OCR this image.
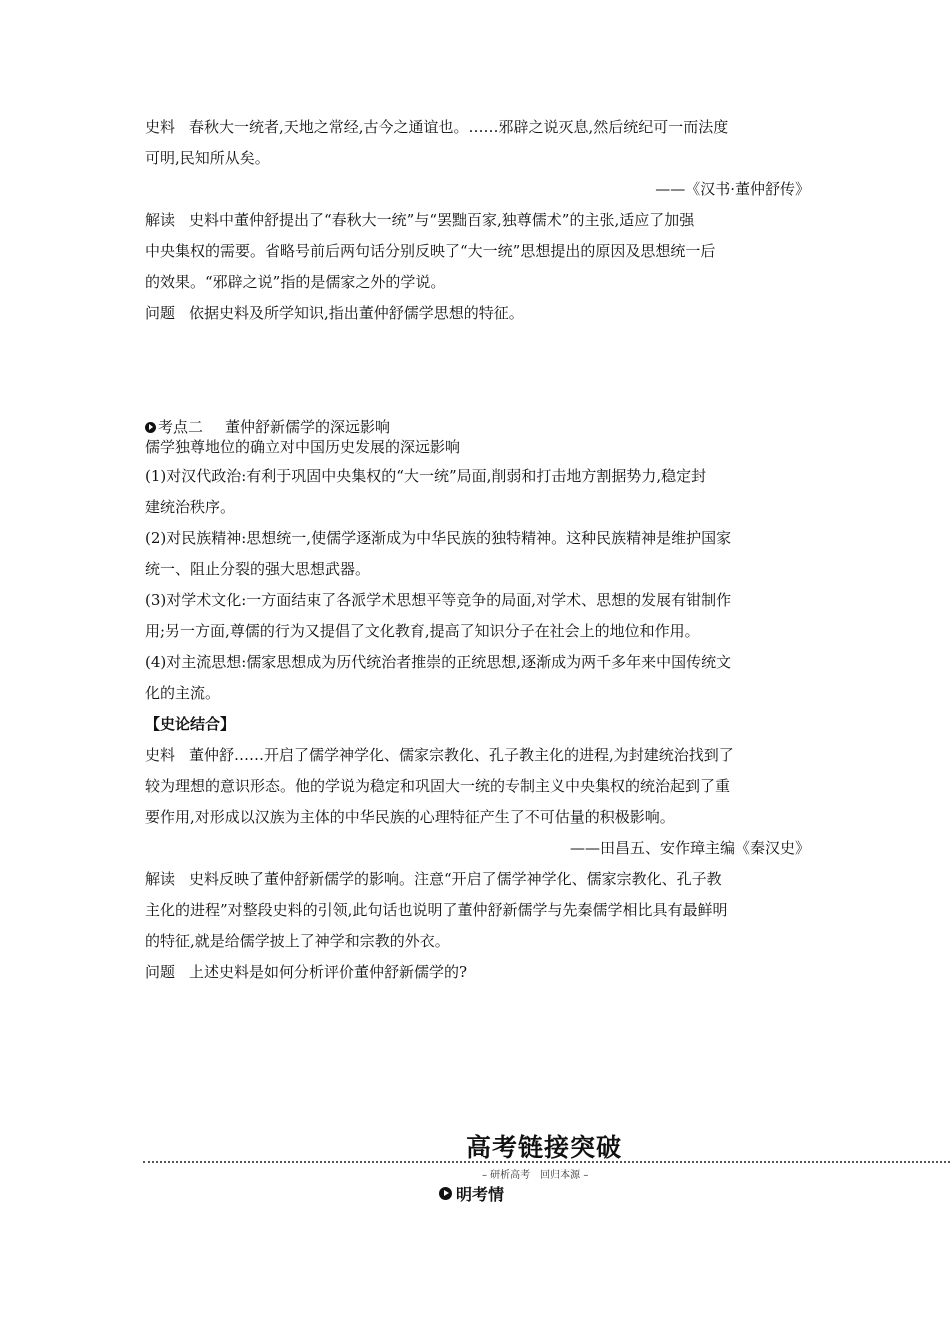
史料 春秋大一统者,天地之常经,古今之通谊也。……邪辟之说灭息,然后统纪可一而法度
可明,民知所从矣。
——《汉书·董仲舒传》
解读 史料中董仲舒提出了“春秋大一统”与“罢黜百家,独尊儒术”的主张,适应了加强
中央集权的需要。省略号前后两句话分别反映了“大一统”思想提出的原因及思想统一后
的效果。“邪辟之说”指的是儒家之外的学说。
问题 依据史料及所学知识,指出董仲舒儒学思想的特征。
考点二 董仲舒新儒学的深远影响
儒学独尊地位的确立对中国历史发展的深远影响
(1)对汉代政治:有利于巩固中央集权的“大一统”局面,削弱和打击地方割据势力,稳定封
建统治秩序。
(2)对民族精神:思想统一,使儒学逐渐成为中华民族的独特精神。这种民族精神是维护国家
统一、阻止分裂的强大思想武器。
(3)对学术文化:一方面结束了各派学术思想平等竞争的局面,对学术、思想的发展有钳制作
用;另一方面,尊儒的行为又提倡了文化教育,提高了知识分子在社会上的地位和作用。
(4)对主流思想:儒家思想成为历代统治者推崇的正统思想,逐渐成为两千多年来中国传统文
化的主流。
【史论结合】
史料 董仲舒……开启了儒学神学化、儒家宗教化、孔子教主化的进程,为封建统治找到了
较为理想的意识形态。他的学说为稳定和巩固大一统的专制主义中央集权的统治起到了重
要作用,对形成以汉族为主体的中华民族的心理特征产生了不可估量的积极影响。
——田昌五、安作璋主编《秦汉史》
解读 史料反映了董仲舒新儒学的影响。注意“开启了儒学神学化、儒家宗教化、孔子教
主化的进程”对整段史料的引领,此句话也说明了董仲舒新儒学与先秦儒学相比具有最鲜明
的特征,就是给儒学披上了神学和宗教的外衣。
问题 上述史料是如何分析评价董仲舒新儒学的?
高考链接突破
– 研析高考　回归本源 –
明考情
